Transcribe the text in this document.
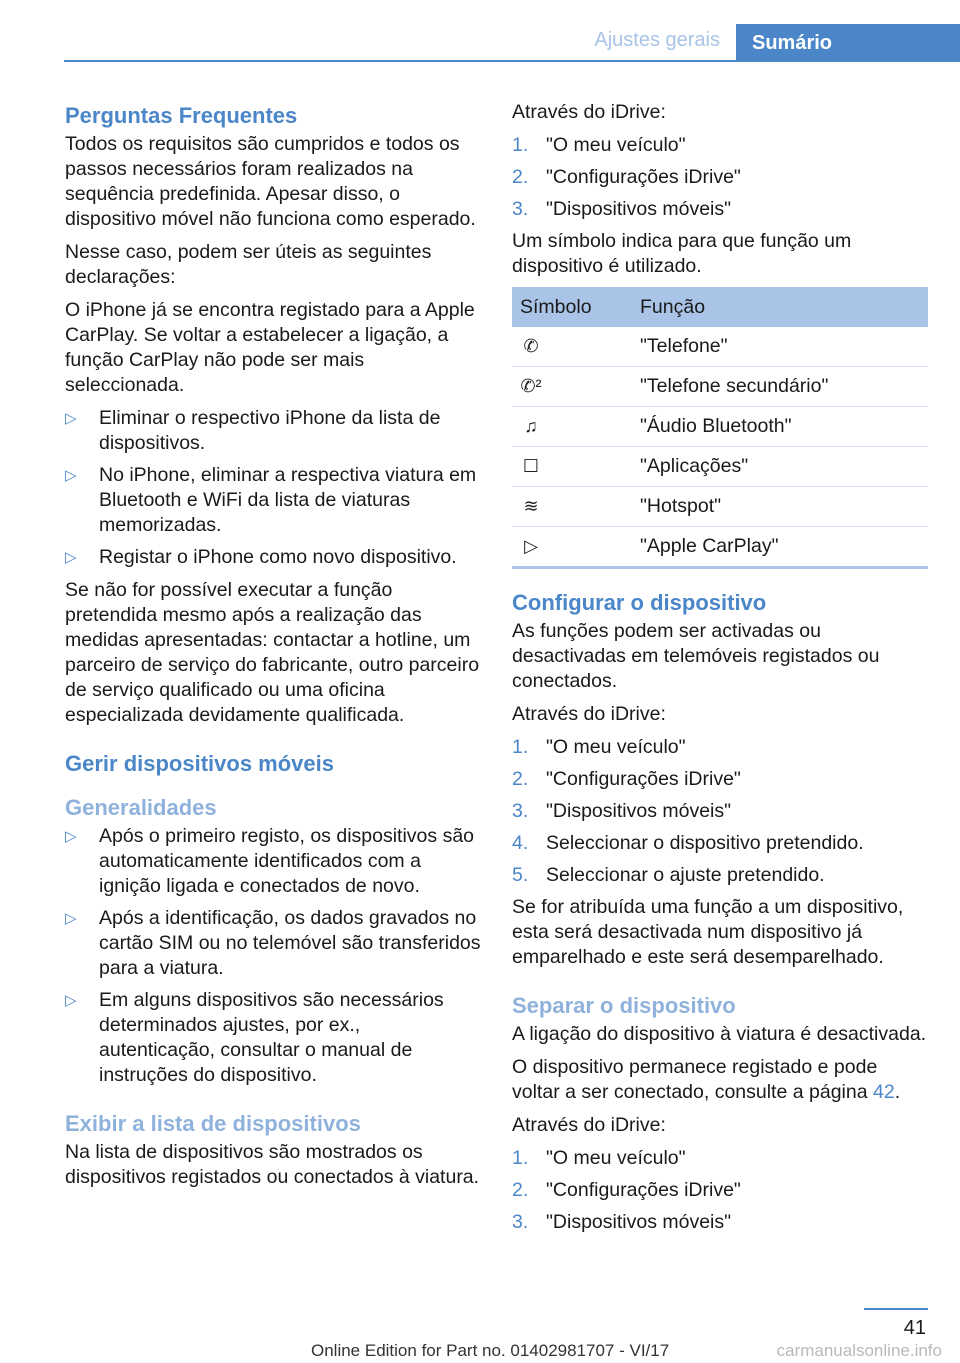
Ajustes gerais	Sumário
Perguntas Frequentes

Todos os requisitos são cumpridos e todos os passos necessários foram realizados na sequência predefinida. Apesar disso, o dispositivo móvel não funciona como esperado.

Nesse caso, podem ser úteis as seguintes declarações:

O iPhone já se encontra registado para a Apple CarPlay. Se voltar a estabelecer a ligação, a função CarPlay não pode ser mais seleccionada.

▷ Eliminar o respectivo iPhone da lista de dispositivos.
▷ No iPhone, eliminar a respectiva viatura em Bluetooth e WiFi da lista de viaturas memorizadas.
▷ Registar o iPhone como novo dispositivo.

Se não for possível executar a função pretendida mesmo após a realização das medidas apresentadas: contactar a hotline, um parceiro de serviço do fabricante, outro parceiro de serviço qualificado ou uma oficina especializada devidamente qualificada.

Gerir dispositivos móveis
Generalidades
▷ Após o primeiro registo, os dispositivos são automaticamente identificados com a ignição ligada e conectados de novo.
▷ Após a identificação, os dados gravados no cartão SIM ou no telemóvel são transferidos para a viatura.
▷ Em alguns dispositivos são necessários determinados ajustes, por ex., autenticação, consultar o manual de instruções do dispositivo.
Exibir a lista de dispositivos

Na lista de dispositivos são mostrados os dispositivos registados ou conectados à viatura.

Através do iDrive:

1. "O meu veículo"
2. "Configurações iDrive"
3. "Dispositivos móveis"

Um símbolo indica para que função um dispositivo é utilizado.

Símbolo	Função
✆	"Telefone"
✆²	"Telefone secundário"
♫	"Áudio Bluetooth"
☐	"Aplicações"
≋	"Hotspot"
▷	"Apple CarPlay"
Configurar o dispositivo

As funções podem ser activadas ou desactivadas em telemóveis registados ou conectados.

Através do iDrive:

1. "O meu veículo"
2. "Configurações iDrive"
3. "Dispositivos móveis"
4. Seleccionar o dispositivo pretendido.
5. Seleccionar o ajuste pretendido.

Se for atribuída uma função a um dispositivo, esta será desactivada num dispositivo já emparelhado e este será desemparelhado.

Separar o dispositivo

A ligação do dispositivo à viatura é desactivada.

O dispositivo permanece registado e pode voltar a ser conectado, consulte a página 42.

Através do iDrive:

1. "O meu veículo"
2. "Configurações iDrive"
3. "Dispositivos móveis"
41
Online Edition for Part no. 01402981707 - VI/17	carmanualsonline.info
